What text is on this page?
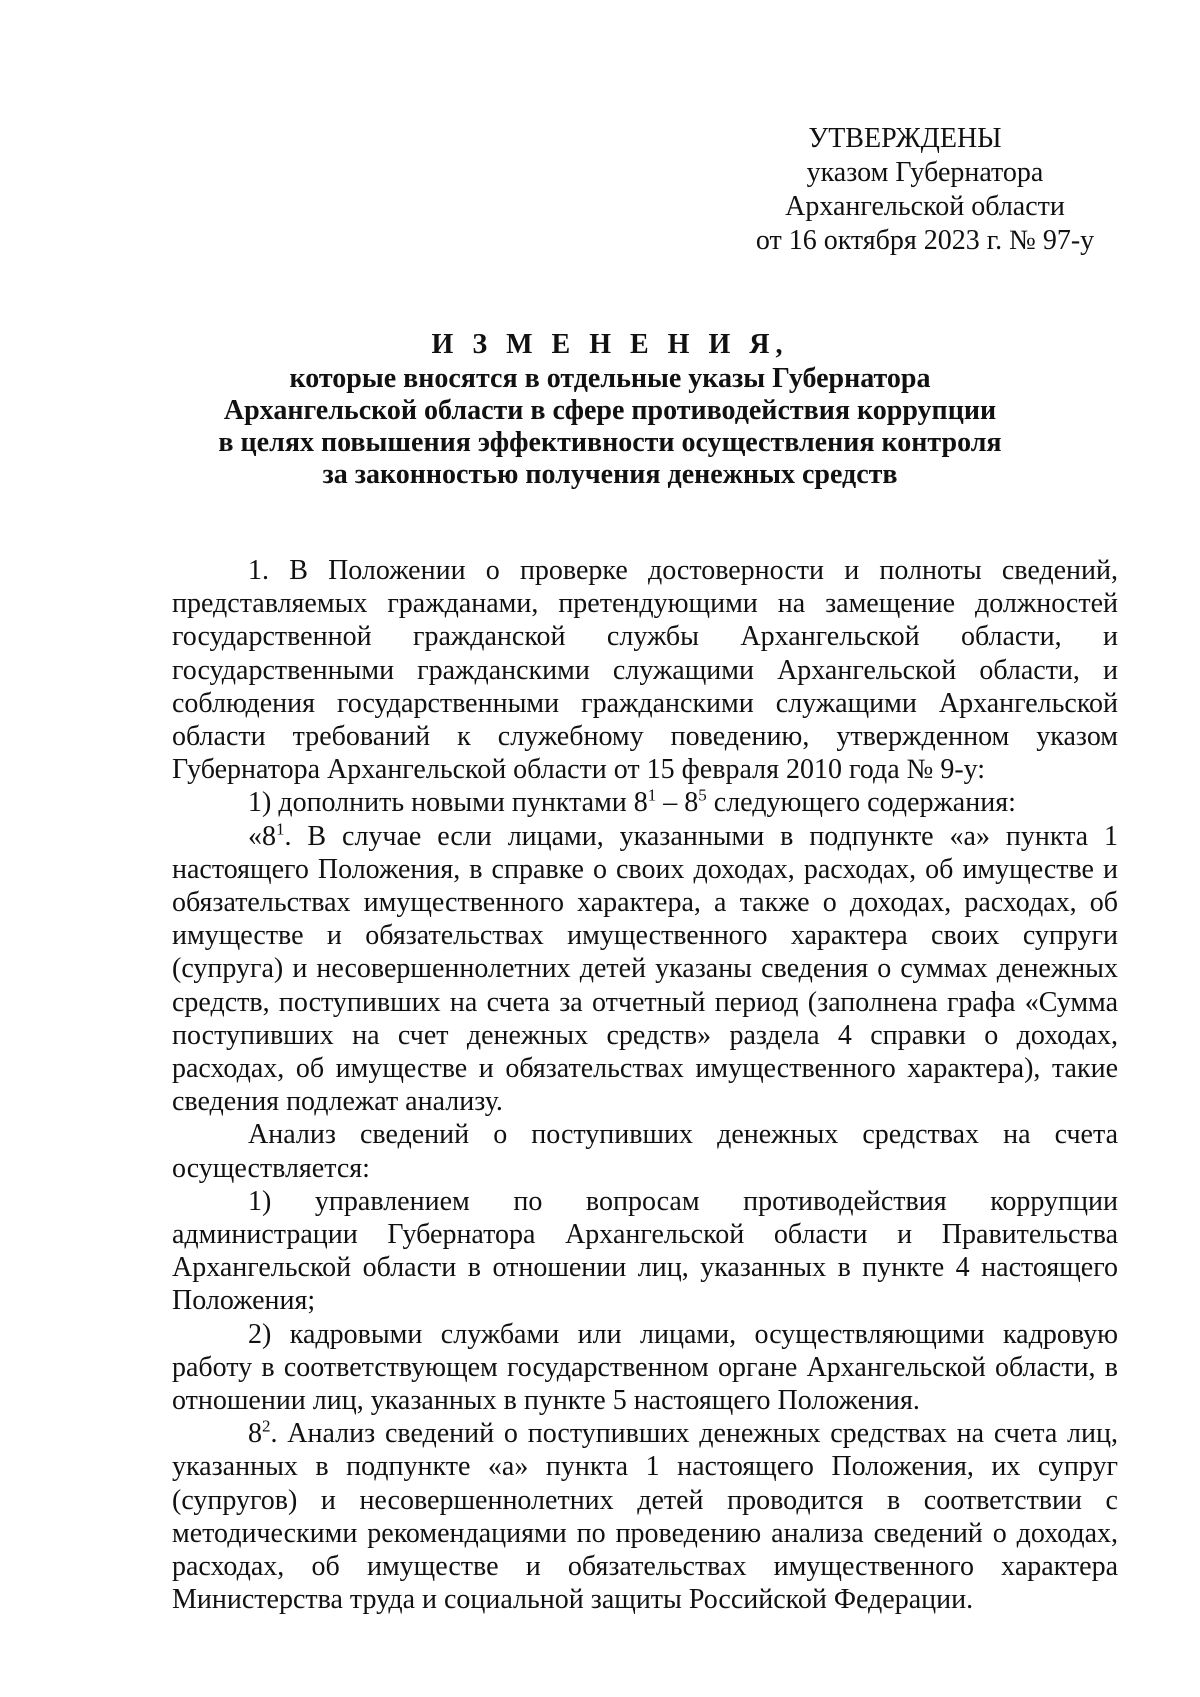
УТВЕРЖДЕНЫ
указом Губернатора
Архангельской области
от 16 октября 2023 г. № 97-у
И З М Е Н Е Н И Я,
которые вносятся в отдельные указы Губернатора
Архангельской области в сфере противодействия коррупции
в целях повышения эффективности осуществления контроля
за законностью получения денежных средств

1. В Положении о проверке достоверности и полноты сведений, представляемых гражданами, претендующими на замещение должностей государственной гражданской службы Архангельской области, и государственными гражданскими служащими Архангельской области, и соблюдения государственными гражданскими служащими Архангельской области требований к служебному поведению, утвержденном указом Губернатора Архангельской области от 15 февраля 2010 года № 9-у:

1) дополнить новыми пунктами $8^1 - 8^5$ следующего содержания:

«$8^1$. В случае если лицами, указанными в подпункте «а» пункта 1 настоящего Положения, в справке о своих доходах, расходах, об имуществе и обязательствах имущественного характера, а также о доходах, расходах, об имуществе и обязательствах имущественного характера своих супруги (супруга) и несовершеннолетних детей указаны сведения о суммах денежных средств, поступивших на счета за отчетный период (заполнена графа «Сумма поступивших на счет денежных средств» раздела 4 справки о доходах, расходах, об имуществе и обязательствах имущественного характера), такие сведения подлежат анализу.

Анализ сведений о поступивших денежных средствах на счета осуществляется:

1) управлением по вопросам противодействия коррупции администрации Губернатора Архангельской области и Правительства Архангельской области в отношении лиц, указанных в пункте 4 настоящего Положения;

2) кадровыми службами или лицами, осуществляющими кадровую работу в соответствующем государственном органе Архангельской области, в отношении лиц, указанных в пункте 5 настоящего Положения.

$8^2$. Анализ сведений о поступивших денежных средствах на счета лиц, указанных в подпункте «а» пункта 1 настоящего Положения, их супруг (супругов) и несовершеннолетних детей проводится в соответствии с методическими рекомендациями по проведению анализа сведений о доходах, расходах, об имуществе и обязательствах имущественного характера Министерства труда и социальной защиты Российской Федерации.
